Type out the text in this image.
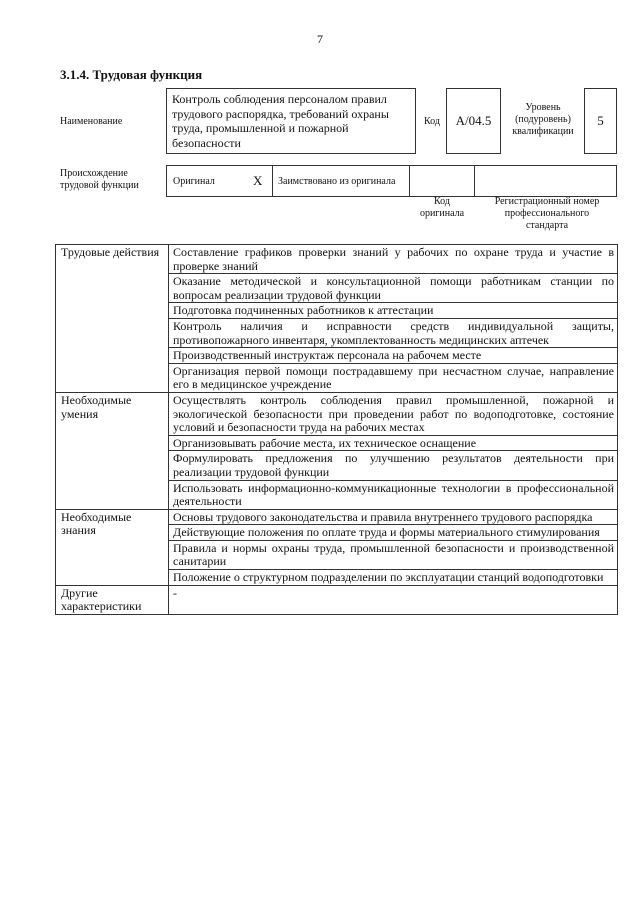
7
3.1.4. Трудовая функция
Наименование
Контроль соблюдения персоналом правил трудового распорядка, требований охраны труда, промышленной и пожарной безопасности
Код	A/04.5
Уровень (подуровень) квалификации
5
Происхождение трудовой функции	Оригинал	X Заимствовано из оригинала
Код оригинала
Регистрационный номер профессионального стандарта
Трудовые действия	Составление графиков проверки знаний у рабочих по охране труда и участие в проверке знаний
	Оказание методической и консультационной помощи работникам станции по вопросам реализации трудовой функции
	Подготовка подчиненных работников к аттестации
	Контроль наличия и исправности средств индивидуальной защиты, противопожарного инвентаря, укомплектованность медицинских аптечек
	Производственный инструктаж персонала на рабочем месте
	Организация первой помощи пострадавшему при несчастном случае, направление его в медицинское учреждение
Необходимые умения	Осуществлять контроль соблюдения правил промышленной, пожарной и экологической безопасности при проведении работ по водоподготовке, состояние условий и безопасности труда на рабочих местах
	Организовывать рабочие места, их техническое оснащение
	Формулировать предложения по улучшению результатов деятельности при реализации трудовой функции
	Использовать информационно-коммуникационные технологии в профессиональной деятельности
Необходимые знания	Основы трудового законодательства и правила внутреннего трудового распорядка
	Действующие положения по оплате труда и формы материального стимулирования
	Правила и нормы охраны труда, промышленной безопасности и производственной санитарии
	Положение о структурном подразделении по эксплуатации станций водоподготовки
Другие характеристики	-
